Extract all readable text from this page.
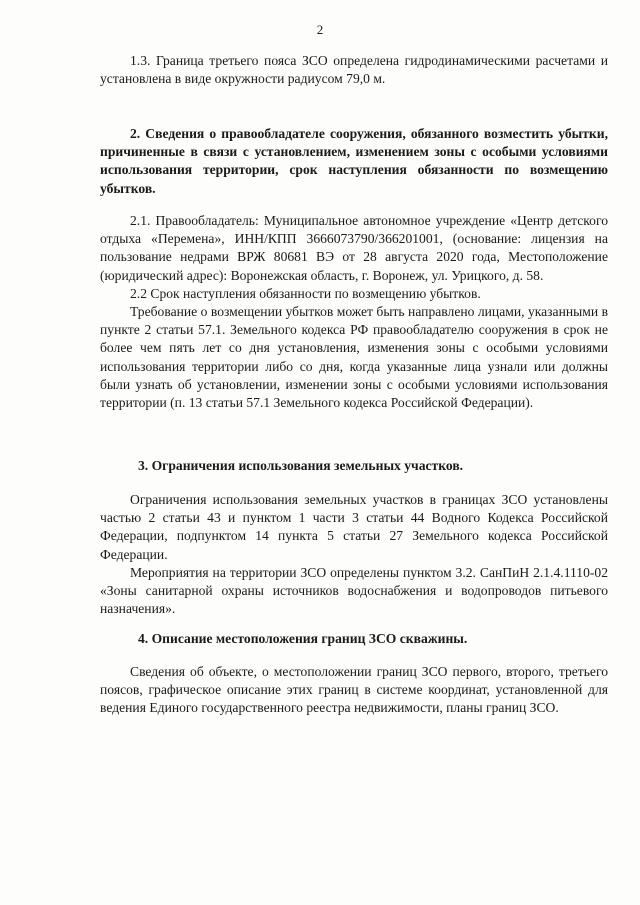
2

1.3. Граница третьего пояса ЗСО определена гидродинамическими расчетами и установлена в виде окружности радиусом 79,0 м.

2. Сведения о правообладателе сооружения, обязанного возместить убытки, причиненные в связи с установлением, изменением зоны с особыми условиями использования территории, срок наступления обязанности по возмещению убытков.

2.1. Правообладатель: Муниципальное автономное учреждение «Центр детского отдыха «Перемена», ИНН/КПП 3666073790/366201001, (основание: лицензия на пользование недрами ВРЖ 80681 ВЭ от 28 августа 2020 года, Местоположение (юридический адрес): Воронежская область, г. Воронеж, ул. Урицкого, д. 58.

2.2 Срок наступления обязанности по возмещению убытков.

Требование о возмещении убытков может быть направлено лицами, указанными в пункте 2 статьи 57.1. Земельного кодекса РФ правообладателю сооружения в срок не более чем пять лет со дня установления, изменения зоны с особыми условиями использования территории либо со дня, когда указанные лица узнали или должны были узнать об установлении, изменении зоны с особыми условиями использования территории (п. 13 статьи 57.1 Земельного кодекса Российской Федерации).

3. Ограничения использования земельных участков.

Ограничения использования земельных участков в границах ЗСО установлены частью 2 статьи 43 и пунктом 1 части 3 статьи 44 Водного Кодекса Российской Федерации, подпунктом 14 пункта 5 статьи 27 Земельного кодекса Российской Федерации.

Мероприятия на территории ЗСО определены пунктом 3.2. СанПиН 2.1.4.1110-02 «Зоны санитарной охраны источников водоснабжения и водопроводов питьевого назначения».

4. Описание местоположения границ ЗСО скважины.

Сведения об объекте, о местоположении границ ЗСО первого, второго, третьего поясов, графическое описание этих границ в системе координат, установленной для ведения Единого государственного реестра недвижимости, планы границ ЗСО.
